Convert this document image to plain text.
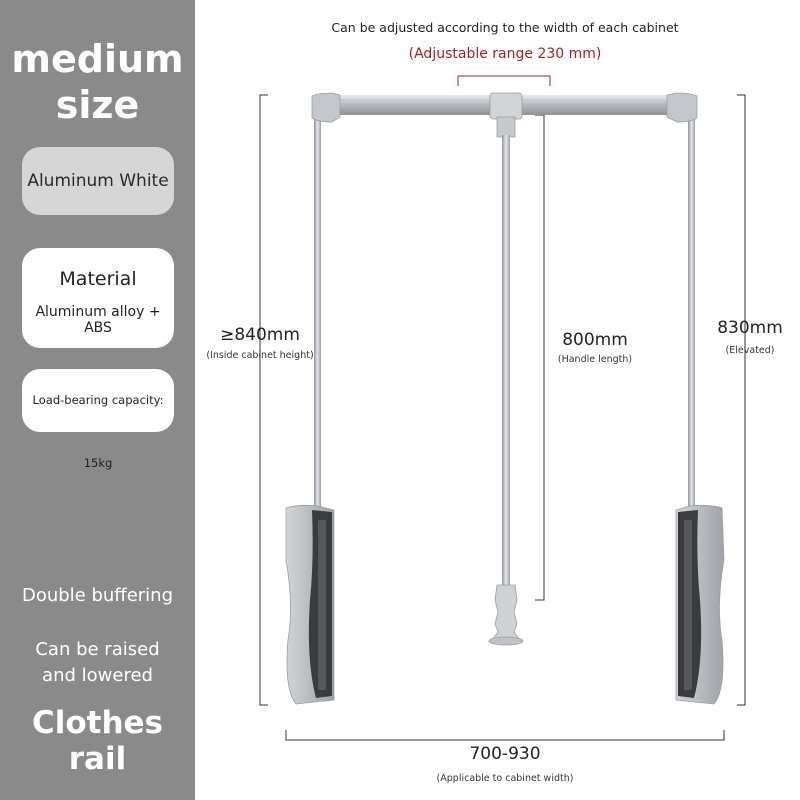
medium
size
Aluminum White
Material
Aluminum alloy + ABS
Load-bearing capacity: 15kg
Double buffering
Can be raised
and lowered
Clothes rail
Can be adjusted according to the width of each cabinet
(Adjustable range 230 mm)
≥840mm
(Inside cabinet height)
800mm
(Handle length)
830mm
(Elevated)
700-930
(Applicable to cabinet width)
